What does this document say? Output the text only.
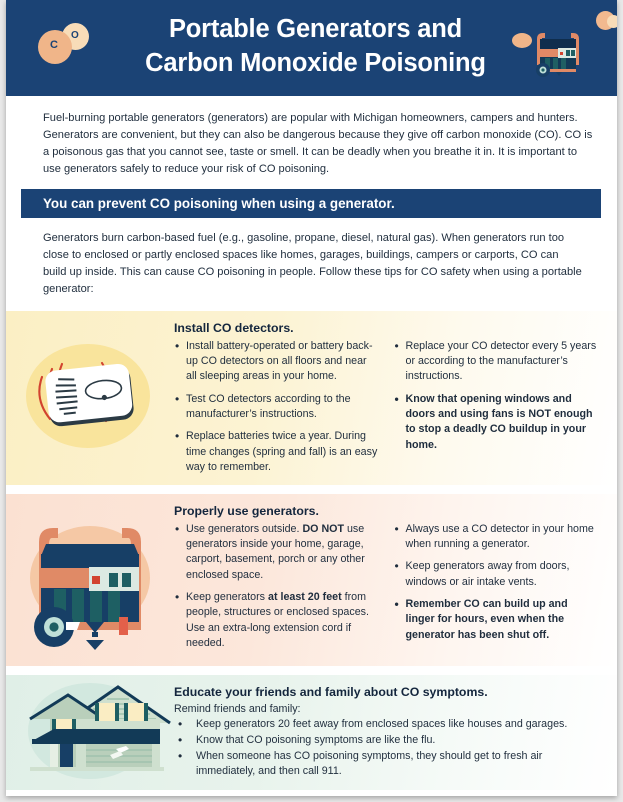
C
O	Portable Generators and
Carbon Monoxide Poisoning

Fuel-burning portable generators (generators) are popular with Michigan homeowners, campers and hunters. Generators are convenient, but they can also be dangerous because they give off carbon monoxide (CO). CO is a poisonous gas that you cannot see, taste or smell. It can be deadly when you breathe it in. It is important to use generators safely to reduce your risk of CO poisoning.

You can prevent CO poisoning when using a generator.

Generators burn carbon-based fuel (e.g., gasoline, propane, diesel, natural gas). When generators run too close to enclosed or partly enclosed spaces like homes, garages, buildings, campers or carports, CO can build up inside. This can cause CO poisoning in people. Follow these tips for CO safety when using a portable generator:

Install CO detectors.
• Install battery-operated or battery back-up CO detectors on all floors and near all sleeping areas in your home.
• Test CO detectors according to the manufacturer’s instructions.
• Replace batteries twice a year. During time changes (spring and fall) is an easy way to remember.
• Replace your CO detector every 5 years or according to the manufacturer’s instructions.
• Know that opening windows and doors and using fans is NOT enough to stop a deadly CO buildup in your home.
Properly use generators.
• Use generators outside. DO NOT use generators inside your home, garage, carport, basement, porch or any other enclosed space.
• Keep generators at least 20 feet from people, structures or enclosed spaces. Use an extra-long extension cord if needed.
• Always use a CO detector in your home when running a generator.
• Keep generators away from doors, windows or air intake vents.
• Remember CO can build up and linger for hours, even when the generator has been shut off.
Educate your friends and family about CO symptoms.
Remind friends and family:
• Keep generators 20 feet away from enclosed spaces like houses and garages.
• Know that CO poisoning symptoms are like the flu.
• When someone has CO poisoning symptoms, they should get to fresh air immediately, and then call 911.
